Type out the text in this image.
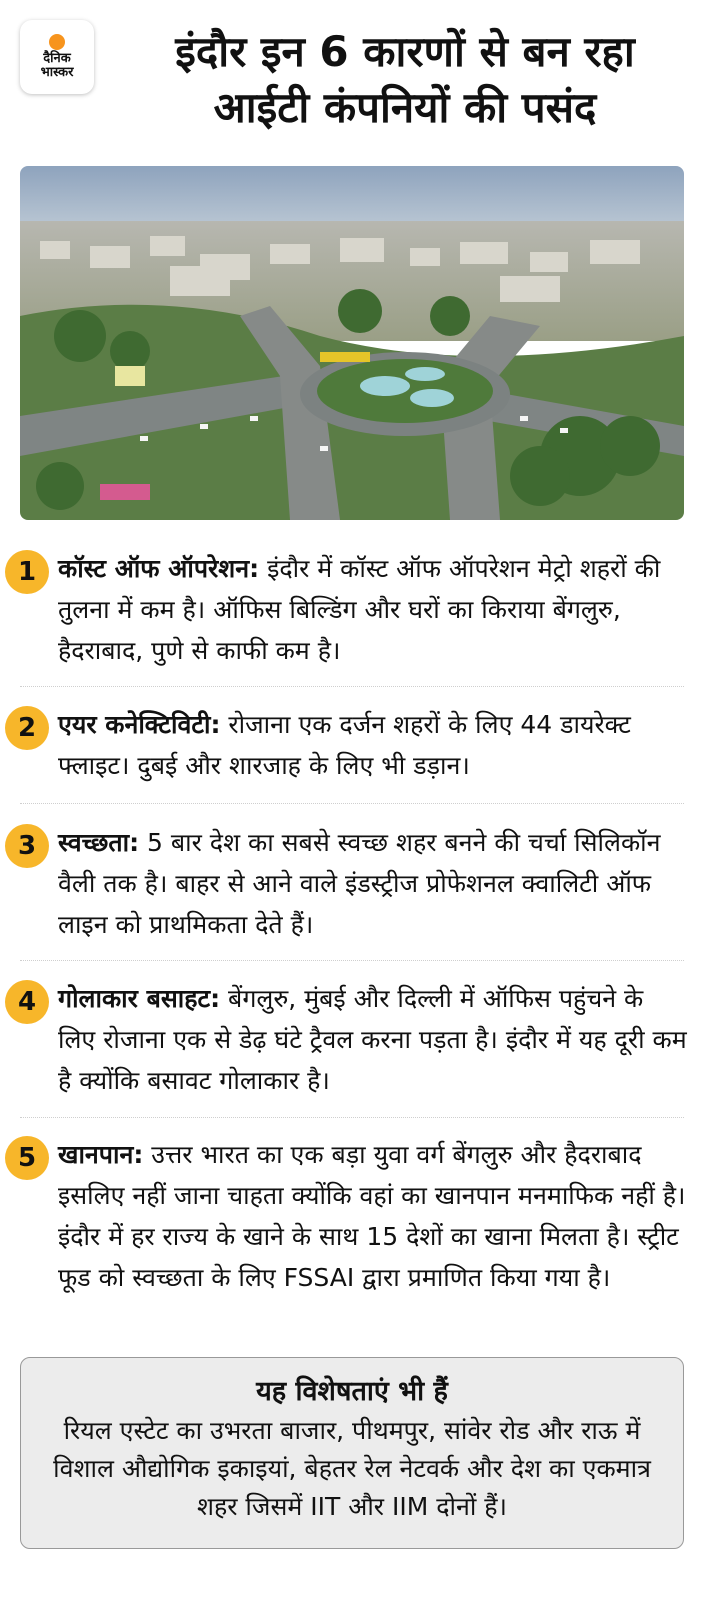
दैनिक
भास्कर	इंदौर इन 6 कारणों से बन रहा
आईटी कंपनियों की पसंद
1 कॉस्ट ऑफ ऑपरेशन: इंदौर में कॉस्ट ऑफ ऑपरेशन मेट्रो शहरों की तुलना में कम है। ऑफिस बिल्डिंग और घरों का किराया बेंगलुरु, हैदराबाद, पुणे से काफी कम है।
2 एयर कनेक्टिविटी: रोजाना एक दर्जन शहरों के लिए 44 डायरेक्ट फ्लाइट। दुबई और शारजाह के लिए भी डड़ान।
3 स्वच्छता: 5 बार देश का सबसे स्वच्छ शहर बनने की चर्चा सिलिकॉन वैली तक है। बाहर से आने वाले इंडस्ट्रीज प्रोफेशनल क्वालिटी ऑफ लाइन को प्राथमिकता देते हैं।
4 गोलाकार बसाहट: बेंगलुरु, मुंबई और दिल्ली में ऑफिस पहुंचने के लिए रोजाना एक से डेढ़ घंटे ट्रैवल करना पड़ता है। इंदौर में यह दूरी कम है क्योंकि बसावट गोलाकार है।
5 खानपान: उत्तर भारत का एक बड़ा युवा वर्ग बेंगलुरु और हैदराबाद इसलिए नहीं जाना चाहता क्योंकि वहां का खानपान मनमाफिक नहीं है। इंदौर में हर राज्य के खाने के साथ 15 देशों का खाना मिलता है। स्ट्रीट फूड को स्वच्छता के लिए FSSAI द्वारा प्रमाणित किया गया है।
यह विशेषताएं भी हैं
रियल एस्टेट का उभरता बाजार, पीथमपुर, सांवेर रोड और राऊ में विशाल औद्योगिक इकाइयां, बेहतर रेल नेटवर्क और देश का एकमात्र शहर जिसमें IIT और IIM दोनों हैं।
